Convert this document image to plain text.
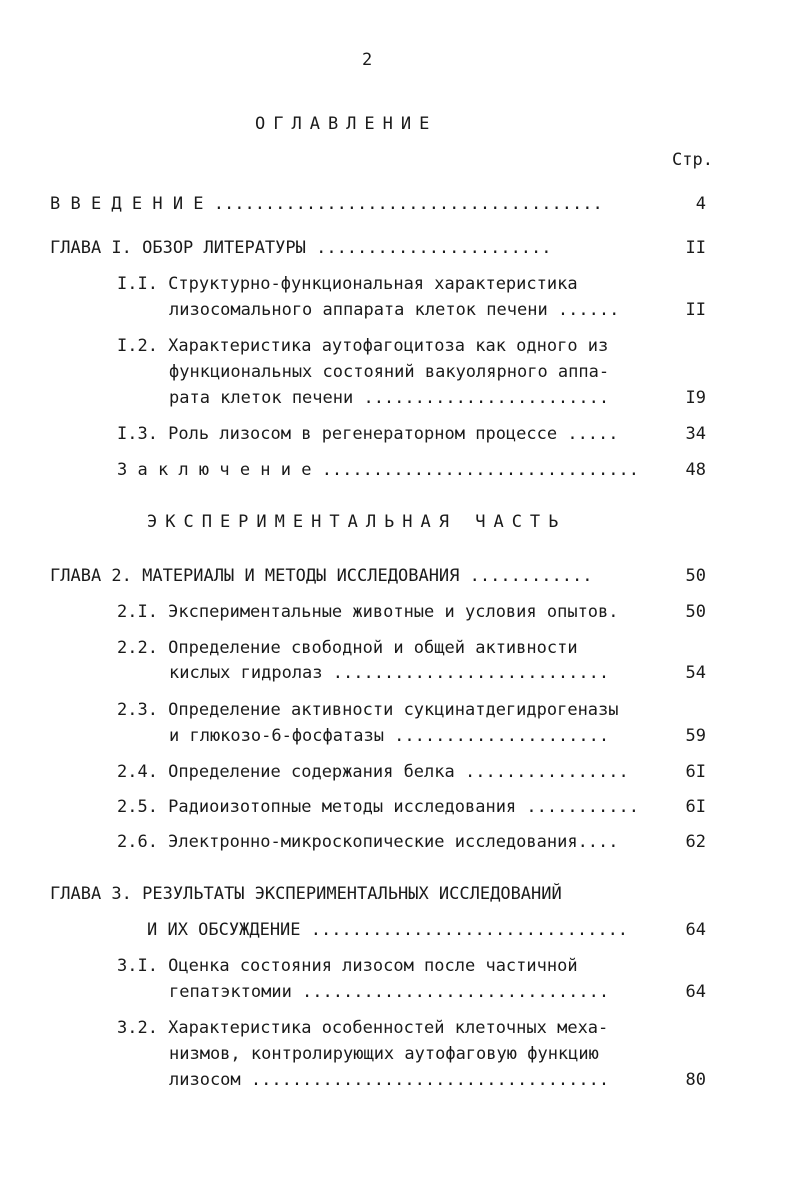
2
ОГЛАВЛЕНИЕ
Стр.
В В Е Д Е Н И Е ......................................	4
ГЛАВА I. ОБЗОР ЛИТЕРАТУРЫ .......................	II
I.I. Структурно-функциональная характеристика
лизосомального аппарата клеток печени ......	II
I.2. Характеристика аутофагоцитоза как одного из
функциональных состояний вакуолярного аппа-
рата клеток печени ........................	I9
I.3. Роль лизосом в регенераторном процессе .....	34
З а к л ю ч е н и е ...............................	48
ЭКСПЕРИМЕНТАЛЬНАЯ ЧАСТЬ
ГЛАВА 2. МАТЕРИАЛЫ И МЕТОДЫ ИССЛЕДОВАНИЯ ............	50
2.I. Экспериментальные животные и условия опытов.	50
2.2. Определение свободной и общей активности
кислых гидролаз ...........................	54
2.3. Определение активности сукцинатдегидрогеназы
и глюкозо-6-фосфатазы .....................	59
2.4. Определение содержания белка ................	6I
2.5. Радиоизотопные методы исследования ...........	6I
2.6. Электронно-микроскопические исследования....	62
ГЛАВА 3. РЕЗУЛЬТАТЫ ЭКСПЕРИМЕНТАЛЬНЫХ ИССЛЕДОВАНИЙ
И ИХ ОБСУЖДЕНИЕ ...............................	64
3.I. Оценка состояния лизосом после частичной
гепатэктомии ..............................	64
3.2. Характеристика особенностей клеточных меха-
низмов, контролирующих аутофаговую функцию
лизосом ...................................	80
